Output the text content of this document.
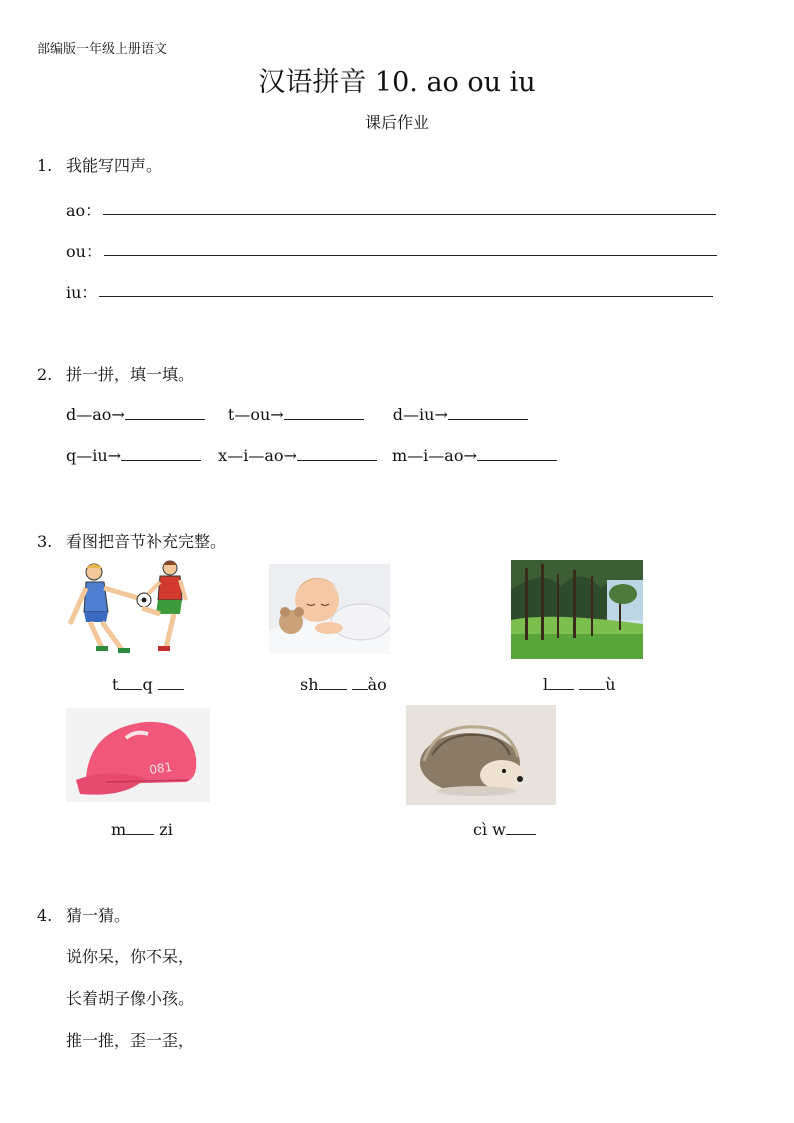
部编版一年级上册语文
汉语拼音 10. ao ou iu
课后作业
1. 我能写四声。
ao：
ou：
iu：
2. 拼一拼，填一填。
d—ao→	t—ou→	d—iu→
q—iu→	x—i—ao→	m—i—ao→
3. 看图把音节补充完整。
081
t q	sh	ào	l	ù
m zi	cì w
4. 猜一猜。
说你呆，你不呆，
长着胡子像小孩。
推一推，歪一歪，
